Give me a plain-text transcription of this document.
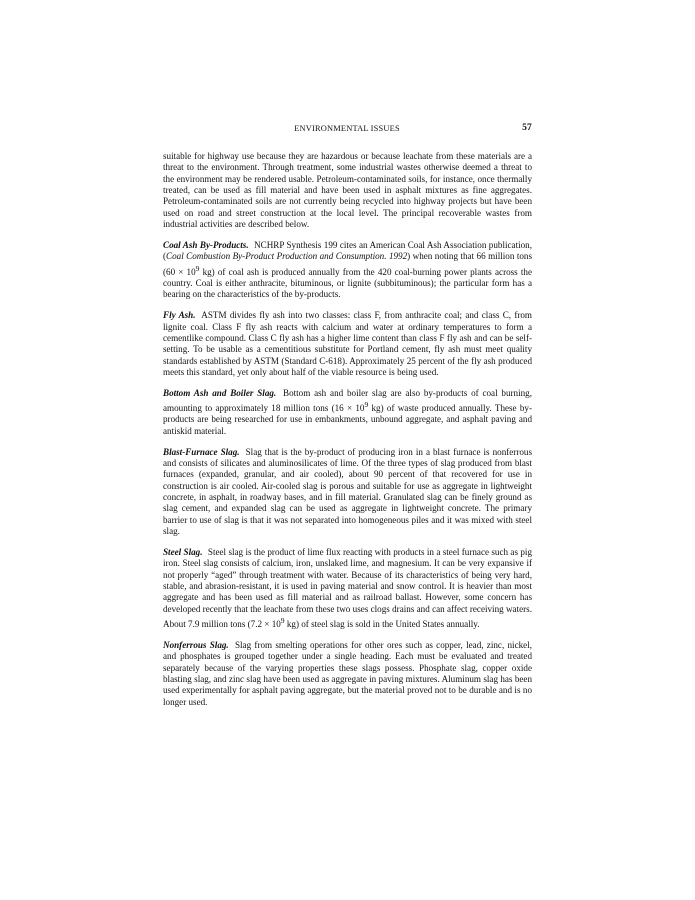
ENVIRONMENTAL ISSUES	57

suitable for highway use because they are hazardous or because leachate from these materials are a threat to the environment. Through treatment, some industrial wastes otherwise deemed a threat to the environment may be rendered usable. Petroleum-contaminated soils, for instance, once thermally treated, can be used as fill material and have been used in asphalt mixtures as fine aggregates. Petroleum-contaminated soils are not currently being recycled into highway projects but have been used on road and street construction at the local level. The principal recoverable wastes from industrial activities are described below.

Coal Ash By-Products. NCHRP Synthesis 199 cites an American Coal Ash Association publication, (Coal Combustion By-Product Production and Consumption. 1992) when noting that 66 million tons ($60 \times 10^9$ kg) of coal ash is produced annually from the 420 coal-burning power plants across the country. Coal is either anthracite, bituminous, or lignite (subbituminous); the particular form has a bearing on the characteristics of the by-products.

Fly Ash. ASTM divides fly ash into two classes: class F, from anthracite coal; and class C, from lignite coal. Class F fly ash reacts with calcium and water at ordinary temperatures to form a cementlike compound. Class C fly ash has a higher lime content than class F fly ash and can be self-setting. To be usable as a cementitious substitute for Portland cement, fly ash must meet quality standards established by ASTM (Standard C-618). Approximately 25 percent of the fly ash produced meets this standard, yet only about half of the viable resource is being used.

Bottom Ash and Boiler Slag. Bottom ash and boiler slag are also by-products of coal burning, amounting to approximately 18 million tons ($16 \times 10^9$ kg) of waste produced annually. These by-products are being researched for use in embankments, unbound aggregate, and asphalt paving and antiskid material.

Blast-Furnace Slag. Slag that is the by-product of producing iron in a blast furnace is nonferrous and consists of silicates and aluminosilicates of lime. Of the three types of slag produced from blast furnaces (expanded, granular, and air cooled), about 90 percent of that recovered for use in construction is air cooled. Air-cooled slag is porous and suitable for use as aggregate in lightweight concrete, in asphalt, in roadway bases, and in fill material. Granulated slag can be finely ground as slag cement, and expanded slag can be used as aggregate in lightweight concrete. The primary barrier to use of slag is that it was not separated into homogeneous piles and it was mixed with steel slag.

Steel Slag. Steel slag is the product of lime flux reacting with products in a steel furnace such as pig iron. Steel slag consists of calcium, iron, unslaked lime, and magnesium. It can be very expansive if not properly “aged” through treatment with water. Because of its characteristics of being very hard, stable, and abrasion-resistant, it is used in paving material and snow control. It is heavier than most aggregate and has been used as fill material and as railroad ballast. However, some concern has developed recently that the leachate from these two uses clogs drains and can affect receiving waters. About 7.9 million tons ($7.2 \times 10^9$ kg) of steel slag is sold in the United States annually.

Nonferrous Slag. Slag from smelting operations for other ores such as copper, lead, zinc, nickel, and phosphates is grouped together under a single heading. Each must be evaluated and treated separately because of the varying properties these slags possess. Phosphate slag, copper oxide blasting slag, and zinc slag have been used as aggregate in paving mixtures. Aluminum slag has been used experimentally for asphalt paving aggregate, but the material proved not to be durable and is no longer used.
